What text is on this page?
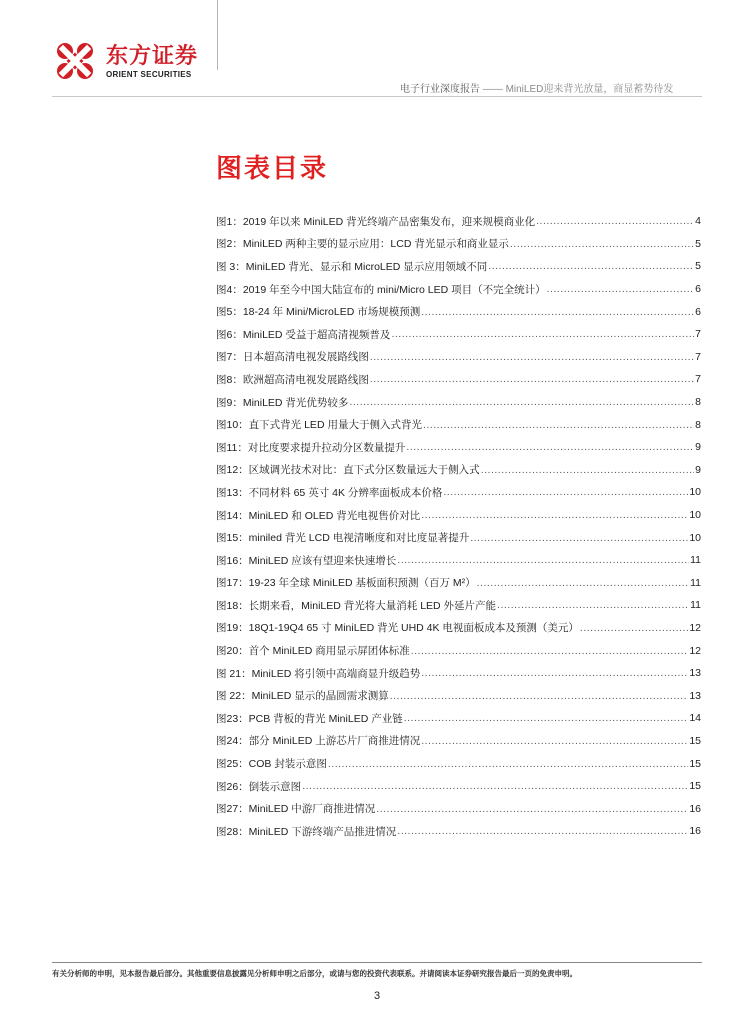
东方证券
ORIENT SECURITIES
电子行业深度报告 —— MiniLED迎来背光放量，商显蓄势待发
图表目录
图1：2019 年以来 MiniLED 背光终端产品密集发布，迎来规模商业化 .....	4
图2：MiniLED 两种主要的显示应用：LCD 背光显示和商业显示 .....	5
图 3：MiniLED 背光、显示和 MicroLED 显示应用领域不同 .....	5
图4：2019 年至今中国大陆宣布的 mini/Micro LED 项目（不完全统计） .....	6
图5：18-24 年 Mini/MicroLED 市场规模预测 .....	6
图6：MiniLED 受益于超高清视频普及 .....	7
图7：日本超高清电视发展路线图 .....	7
图8：欧洲超高清电视发展路线图 .....	7
图9：MiniLED 背光优势较多 .....	8
图10：直下式背光 LED 用量大于侧入式背光 .....	8
图11：对比度要求提升拉动分区数量提升 .....	9
图12：区域调光技术对比：直下式分区数量远大于侧入式 .....	9
图13：不同材料 65 英寸 4K 分辨率面板成本价格 .....	10
图14：MiniLED 和 OLED 背光电视售价对比 .....	10
图15：miniled 背光 LCD 电视清晰度和对比度显著提升 .....	10
图16：MiniLED 应该有望迎来快速增长 .....	11
图17：19-23 年全球 MiniLED 基板面积预测（百万 M²） .....	11
图18：长期来看，MiniLED 背光将大量消耗 LED 外延片产能 .....	11
图19：18Q1-19Q4 65 寸 MiniLED 背光 UHD 4K 电视面板成本及预测（美元） .....	12
图20：首个 MiniLED 商用显示屏团体标准 .....	12
图 21：MiniLED 将引领中高端商显升级趋势 .....	13
图 22：MiniLED 显示的晶圆需求测算 .....	13
图23：PCB 背板的背光 MiniLED 产业链 .....	14
图24：部分 MiniLED 上游芯片厂商推进情况 .....	15
图25：COB 封装示意图 .....	15
图26：倒装示意图 .....	15
图27：MiniLED 中游厂商推进情况 .....	16
图28：MiniLED 下游终端产品推进情况 .....	16
有关分析师的申明，见本报告最后部分。其他重要信息披露见分析师申明之后部分，或请与您的投资代表联系。并请阅读本证券研究报告最后一页的免责申明。
3
